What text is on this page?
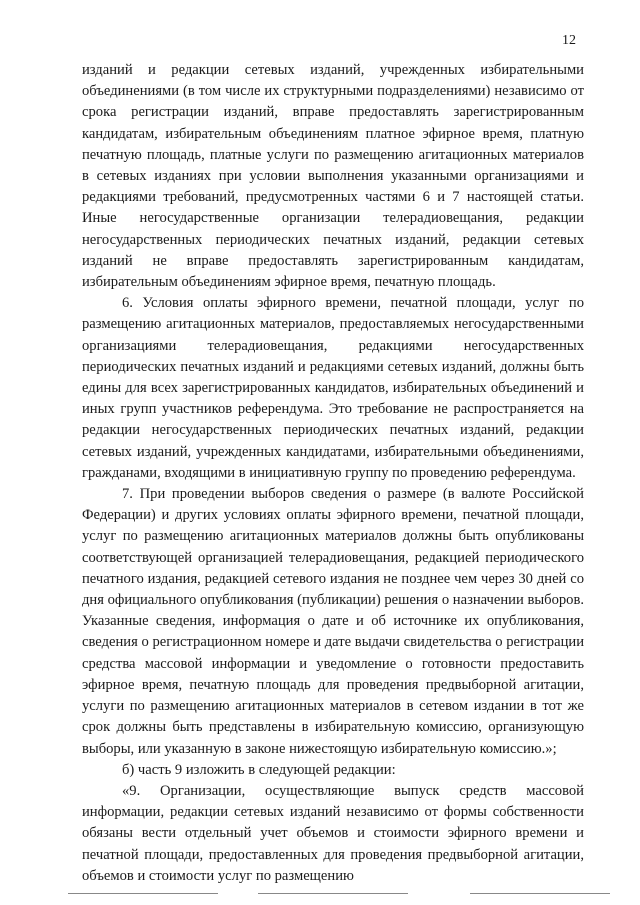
12

изданий и редакции сетевых изданий, учрежденных избирательными объединениями (в том числе их структурными подразделениями) независимо от срока регистрации изданий, вправе предоставлять зарегистрированным кандидатам, избирательным объединениям платное эфирное время, платную печатную площадь, платные услуги по размещению агитационных материалов в сетевых изданиях при условии выполнения указанными организациями и редакциями требований, предусмотренных частями 6 и 7 настоящей статьи. Иные негосударственные организации телерадиовещания, редакции негосударственных периодических печатных изданий, редакции сетевых изданий не вправе предоставлять зарегистрированным кандидатам, избирательным объединениям эфирное время, печатную площадь.

6. Условия оплаты эфирного времени, печатной площади, услуг по размещению агитационных материалов, предоставляемых негосударственными организациями телерадиовещания, редакциями негосударственных периодических печатных изданий и редакциями сетевых изданий, должны быть едины для всех зарегистрированных кандидатов, избирательных объединений и иных групп участников референдума. Это требование не распространяется на редакции негосударственных периодических печатных изданий, редакции сетевых изданий, учрежденных кандидатами, избирательными объединениями, гражданами, входящими в инициативную группу по проведению референдума.

7. При проведении выборов сведения о размере (в валюте Российской Федерации) и других условиях оплаты эфирного времени, печатной площади, услуг по размещению агитационных материалов должны быть опубликованы соответствующей организацией телерадиовещания, редакцией периодического печатного издания, редакцией сетевого издания не позднее чем через 30 дней со дня официального опубликования (публикации) решения о назначении выборов. Указанные сведения, информация о дате и об источнике их опубликования, сведения о регистрационном номере и дате выдачи свидетельства о регистрации средства массовой информации и уведомление о готовности предоставить эфирное время, печатную площадь для проведения предвыборной агитации, услуги по размещению агитационных материалов в сетевом издании в тот же срок должны быть представлены в избирательную комиссию, организующую выборы, или указанную в законе нижестоящую избирательную комиссию.»;

б) часть 9 изложить в следующей редакции:

«9. Организации, осуществляющие выпуск средств массовой информации, редакции сетевых изданий независимо от формы собственности обязаны вести отдельный учет объемов и стоимости эфирного времени и печатной площади, предоставленных для проведения предвыборной агитации, объемов и стоимости услуг по размещению
